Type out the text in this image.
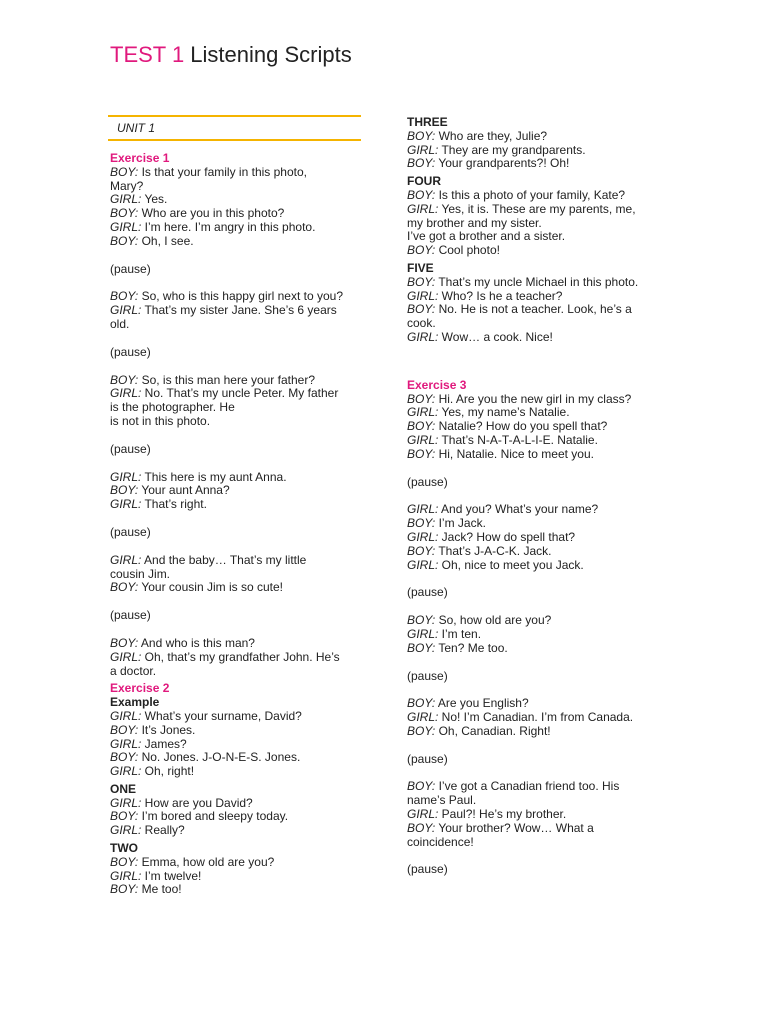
TEST 1 Listening Scripts
UNIT 1
Exercise 1
BOY: Is that your family in this photo,
Mary?
GIRL: Yes.
BOY: Who are you in this photo?
GIRL: I’m here. I’m angry in this photo.
BOY: Oh, I see.
(pause)
BOY: So, who is this happy girl next to you?
GIRL: That’s my sister Jane. She’s 6 years
old.
(pause)
BOY: So, is this man here your father?
GIRL: No. That’s my uncle Peter. My father
is the photographer. He
is not in this photo.
(pause)
GIRL: This here is my aunt Anna.
BOY: Your aunt Anna?
GIRL: That’s right.
(pause)
GIRL: And the baby… That’s my little
cousin Jim.
BOY: Your cousin Jim is so cute!
(pause)
BOY: And who is this man?
GIRL: Oh, that’s my grandfather John. He’s
a doctor.
Exercise 2
Example
GIRL: What’s your surname, David?
BOY: It’s Jones.
GIRL: James?
BOY: No. Jones. J-O-N-E-S. Jones.
GIRL: Oh, right!
ONE
GIRL: How are you David?
BOY: I’m bored and sleepy today.
GIRL: Really?
TWO
BOY: Emma, how old are you?
GIRL: I’m twelve!
BOY: Me too!
THREE
BOY: Who are they, Julie?
GIRL: They are my grandparents.
BOY: Your grandparents?! Oh!
FOUR
BOY: Is this a photo of your family, Kate?
GIRL: Yes, it is. These are my parents, me,
my brother and my sister.
I’ve got a brother and a sister.
BOY: Cool photo!
FIVE
BOY: That’s my uncle Michael in this photo.
GIRL: Who? Is he a teacher?
BOY: No. He is not a teacher. Look, he’s a
cook.
GIRL: Wow… a cook. Nice!
Exercise 3
BOY: Hi. Are you the new girl in my class?
GIRL: Yes, my name’s Natalie.
BOY: Natalie? How do you spell that?
GIRL: That’s N-A-T-A-L-I-E. Natalie.
BOY: Hi, Natalie. Nice to meet you.
(pause)
GIRL: And you? What’s your name?
BOY: I’m Jack.
GIRL: Jack? How do spell that?
BOY: That’s J-A-C-K. Jack.
GIRL: Oh, nice to meet you Jack.
(pause)
BOY: So, how old are you?
GIRL: I’m ten.
BOY: Ten? Me too.
(pause)
BOY: Are you English?
GIRL: No! I’m Canadian. I’m from Canada.
BOY: Oh, Canadian. Right!
(pause)
BOY: I’ve got a Canadian friend too. His
name’s Paul.
GIRL: Paul?! He’s my brother.
BOY: Your brother? Wow… What a
coincidence!
(pause)
